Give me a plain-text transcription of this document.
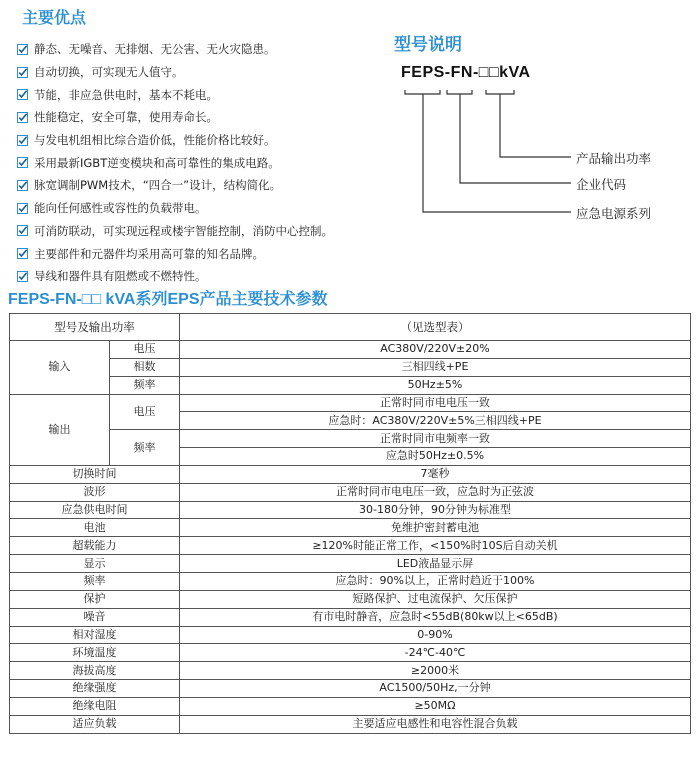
主要优点
静态、无噪音、无排烟、无公害、无火灾隐患。
自动切换，可实现无人值守。
节能，非应急供电时，基本不耗电。
性能稳定，安全可靠，使用寿命长。
与发电机组相比综合造价低，性能价格比较好。
采用最新IGBT逆变模块和高可靠性的集成电路。
脉宽调制PWM技术，“四合一”设计，结构简化。
能向任何感性或容性的负载带电。
可消防联动，可实现远程或楼宇智能控制，消防中心控制。
主要部件和元器件均采用高可靠的知名品牌。
导线和器件具有阻燃或不燃特性。
型号说明
FEPS-FN-□□kVA
产品输出功率
企业代码
应急电源系列
FEPS-FN-□□ kVA系列EPS产品主要技术参数
型号及输出功率		（见选型表）
输入	电压	AC380V/220V±20%
	相数	三相四线+PE
	频率	50Hz±5%
输出	电压	正常时同市电电压一致
		应急时：AC380V/220V±5%三相四线+PE
	频率	正常时同市电频率一致
		应急时50Hz±0.5%
切换时间		7毫秒
波形		正常时同市电电压一致，应急时为正弦波
应急供电时间		30-180分钟，90分钟为标准型
电池		免维护密封蓄电池
超载能力		≥120%时能正常工作，<150%时10S后自动关机
显示		LED液晶显示屏
频率		应急时：90%以上，正常时趋近于100%
保护		短路保护、过电流保护、欠压保护
噪音		有市电时静音，应急时<55dB(80kw以上<65dB)
相对湿度		0-90%
环境温度		-24℃-40℃
海拔高度		≥2000米
绝缘强度		AC1500/50Hz,一分钟
绝缘电阻		≥50MΩ
适应负载		主要适应电感性和电容性混合负载
